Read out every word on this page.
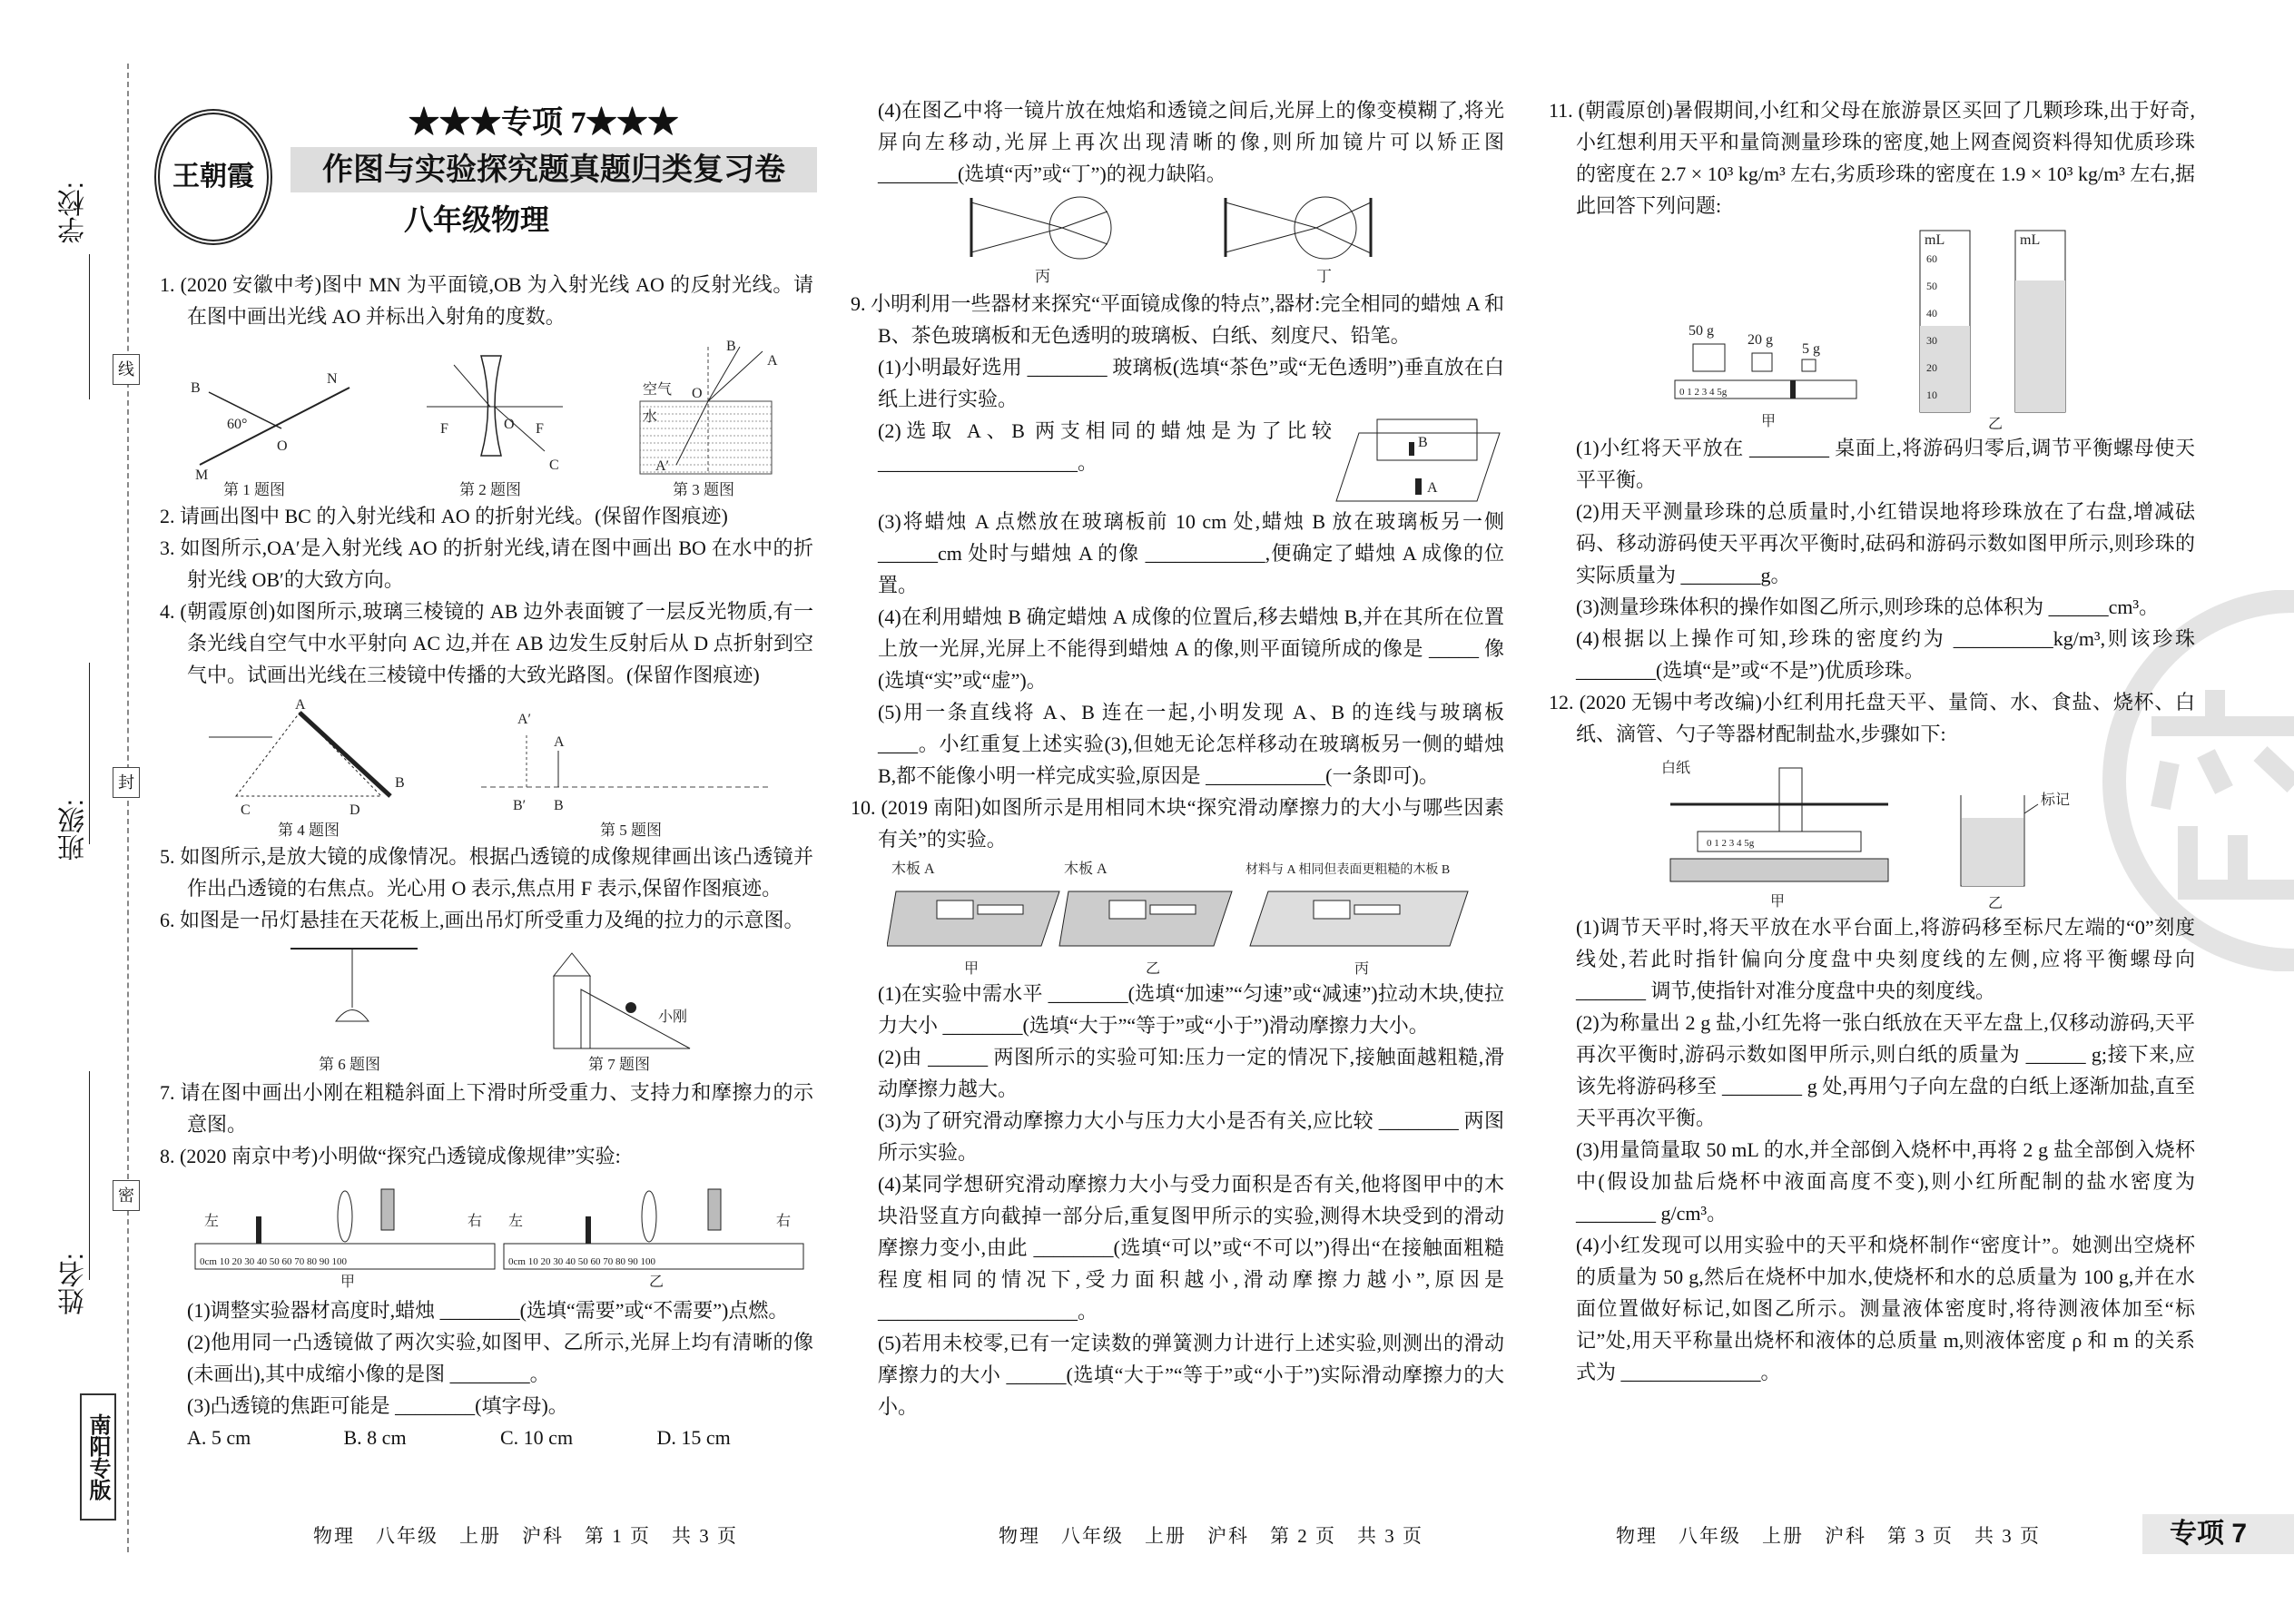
学校:
班级:
姓名:
线
封
密
南阳专版
王朝霞
★★★专项 7★★★
作图与实验探究题真题归类复习卷
八年级物理
1. (2020 安徽中考)图中 MN 为平面镜,OB 为入射光线 AO 的反射光线。请在图中画出光线 AO 并标出入射角的度数。
B
N
60°
O
M
F	F
O
C
空气
水
B
A
O
A′
第 1 题图	第 2 题图	第 3 题图
2. 请画出图中 BC 的入射光线和 AO 的折射光线。(保留作图痕迹)
3. 如图所示,OA′是入射光线 AO 的折射光线,请在图中画出 BO 在水中的折射光线 OB′的大致方向。
4. (朝霞原创)如图所示,玻璃三棱镜的 AB 边外表面镀了一层反光物质,有一条光线自空气中水平射向 AC 边,并在 AB 边发生反射后从 D 点折射到空气中。试画出光线在三棱镜中传播的大致光路图。(保留作图痕迹)
A
C	D
B
A′
A
B′ B
第 4 题图	第 5 题图
5. 如图所示,是放大镜的成像情况。根据凸透镜的成像规律画出该凸透镜并作出凸透镜的右焦点。光心用 O 表示,焦点用 F 表示,保留作图痕迹。
6. 如图是一吊灯悬挂在天花板上,画出吊灯所受重力及绳的拉力的示意图。
小刚
第 6 题图	第 7 题图
7. 请在图中画出小刚在粗糙斜面上下滑时所受重力、支持力和摩擦力的示意图。
8. (2020 南京中考)小明做“探究凸透镜成像规律”实验:
0cm 10 20 30 40 50 60 70 80 90 100	0cm 10 20 30 40 50 60 70 80 90 100
左	右 左	右
甲	乙
(1)调整实验器材高度时,蜡烛 ________(选填“需要”或“不需要”)点燃。
(2)他用同一凸透镜做了两次实验,如图甲、乙所示,光屏上均有清晰的像(未画出),其中成缩小像的是图 ________。
(3)凸透镜的焦距可能是 ________(填字母)。
A. 5 cm	B. 8 cm	C. 10 cm	D. 15 cm
物理　八年级　上册　沪科　第 1 页　共 3 页
(4)在图乙中将一镜片放在烛焰和透镜之间后,光屏上的像变模糊了,将光屏向左移动,光屏上再次出现清晰的像,则所加镜片可以矫正图 ________(选填“丙”或“丁”)的视力缺陷。
丙	丁
9. 小明利用一些器材来探究“平面镜成像的特点”,器材:完全相同的蜡烛 A 和 B、茶色玻璃板和无色透明的玻璃板、白纸、刻度尺、铅笔。
(1)小明最好选用 ________ 玻璃板(选填“茶色”或“无色透明”)垂直放在白纸上进行实验。
(2)选取 A、B 两支相同的蜡烛是为了比较 ____________________。
B
A
(3)将蜡烛 A 点燃放在玻璃板前 10 cm 处,蜡烛 B 放在玻璃板另一侧 ______cm 处时与蜡烛 A 的像 ____________,便确定了蜡烛 A 成像的位置。
(4)在利用蜡烛 B 确定蜡烛 A 成像的位置后,移去蜡烛 B,并在其所在位置上放一光屏,光屏上不能得到蜡烛 A 的像,则平面镜所成的像是 _____ 像(选填“实”或“虚”)。
(5)用一条直线将 A、B 连在一起,小明发现 A、B 的连线与玻璃板 ____。小红重复上述实验(3),但她无论怎样移动在玻璃板另一侧的蜡烛 B,都不能像小明一样完成实验,原因是 ____________(一条即可)。
10. (2019 南阳)如图所示是用相同木块“探究滑动摩擦力的大小与哪些因素有关”的实验。
木板 A	木板 A	材料与 A 相同但表面更粗糙的木板 B
甲	乙	丙
(1)在实验中需水平 ________(选填“加速”“匀速”或“减速”)拉动木块,使拉力大小 ________(选填“大于”“等于”或“小于”)滑动摩擦力大小。
(2)由 ______ 两图所示的实验可知:压力一定的情况下,接触面越粗糙,滑动摩擦力越大。
(3)为了研究滑动摩擦力大小与压力大小是否有关,应比较 ________ 两图所示实验。
(4)某同学想研究滑动摩擦力大小与受力面积是否有关,他将图甲中的木块沿竖直方向截掉一部分后,重复图甲所示的实验,测得木块受到的滑动摩擦力变小,由此 ________(选填“可以”或“不可以”)得出“在接触面粗糙程度相同的情况下,受力面积越小,滑动摩擦力越小”,原因是 ____________________。
(5)若用未校零,已有一定读数的弹簧测力计进行上述实验,则测出的滑动摩擦力的大小 ______(选填“大于”“等于”或“小于”)实际滑动摩擦力的大小。
物理　八年级　上册　沪科　第 2 页　共 3 页
11. (朝霞原创)暑假期间,小红和父母在旅游景区买回了几颗珍珠,出于好奇,小红想利用天平和量筒测量珍珠的密度,她上网查阅资料得知优质珍珠的密度在 2.7 × 10³ kg/m³ 左右,劣质珍珠的密度在 1.9 × 10³ kg/m³ 左右,据此回答下列问题:
50 g
20 g
5 g
0 1 2 3 4 5g
甲
mL	mL
60
50
40
30
20
10
乙
(1)小红将天平放在 ________ 桌面上,将游码归零后,调节平衡螺母使天平平衡。
(2)用天平测量珍珠的总质量时,小红错误地将珍珠放在了右盘,增减砝码、移动游码使天平再次平衡时,砝码和游码示数如图甲所示,则珍珠的实际质量为 ________g。
(3)测量珍珠体积的操作如图乙所示,则珍珠的总体积为 ______cm³。
(4)根据以上操作可知,珍珠的密度约为 __________kg/m³,则该珍珠 ________(选填“是”或“不是”)优质珍珠。
12. (2020 无锡中考改编)小红利用托盘天平、量筒、水、食盐、烧杯、白纸、滴管、勺子等器材配制盐水,步骤如下:
0 1 2 3 4 5g
白纸
甲
标记
乙
(1)调节天平时,将天平放在水平台面上,将游码移至标尺左端的“0”刻度线处,若此时指针偏向分度盘中央刻度线的左侧,应将平衡螺母向 _______ 调节,使指针对准分度盘中央的刻度线。
(2)为称量出 2 g 盐,小红先将一张白纸放在天平左盘上,仅移动游码,天平再次平衡时,游码示数如图甲所示,则白纸的质量为 ______ g;接下来,应该先将游码移至 ________ g 处,再用勺子向左盘的白纸上逐渐加盐,直至天平再次平衡。
(3)用量筒量取 50 mL 的水,并全部倒入烧杯中,再将 2 g 盐全部倒入烧杯中(假设加盐后烧杯中液面高度不变),则小红所配制的盐水密度为 ________ g/cm³。
(4)小红发现可以用实验中的天平和烧杯制作“密度计”。她测出空烧杯的质量为 50 g,然后在烧杯中加水,使烧杯和水的总质量为 100 g,并在水面位置做好标记,如图乙所示。测量液体密度时,将待测液体加至“标记”处,用天平称量出烧杯和液体的总质量 m,则液体密度 ρ 和 m 的关系式为 ______________。
物理　八年级　上册　沪科　第 3 页　共 3 页	专项 7
